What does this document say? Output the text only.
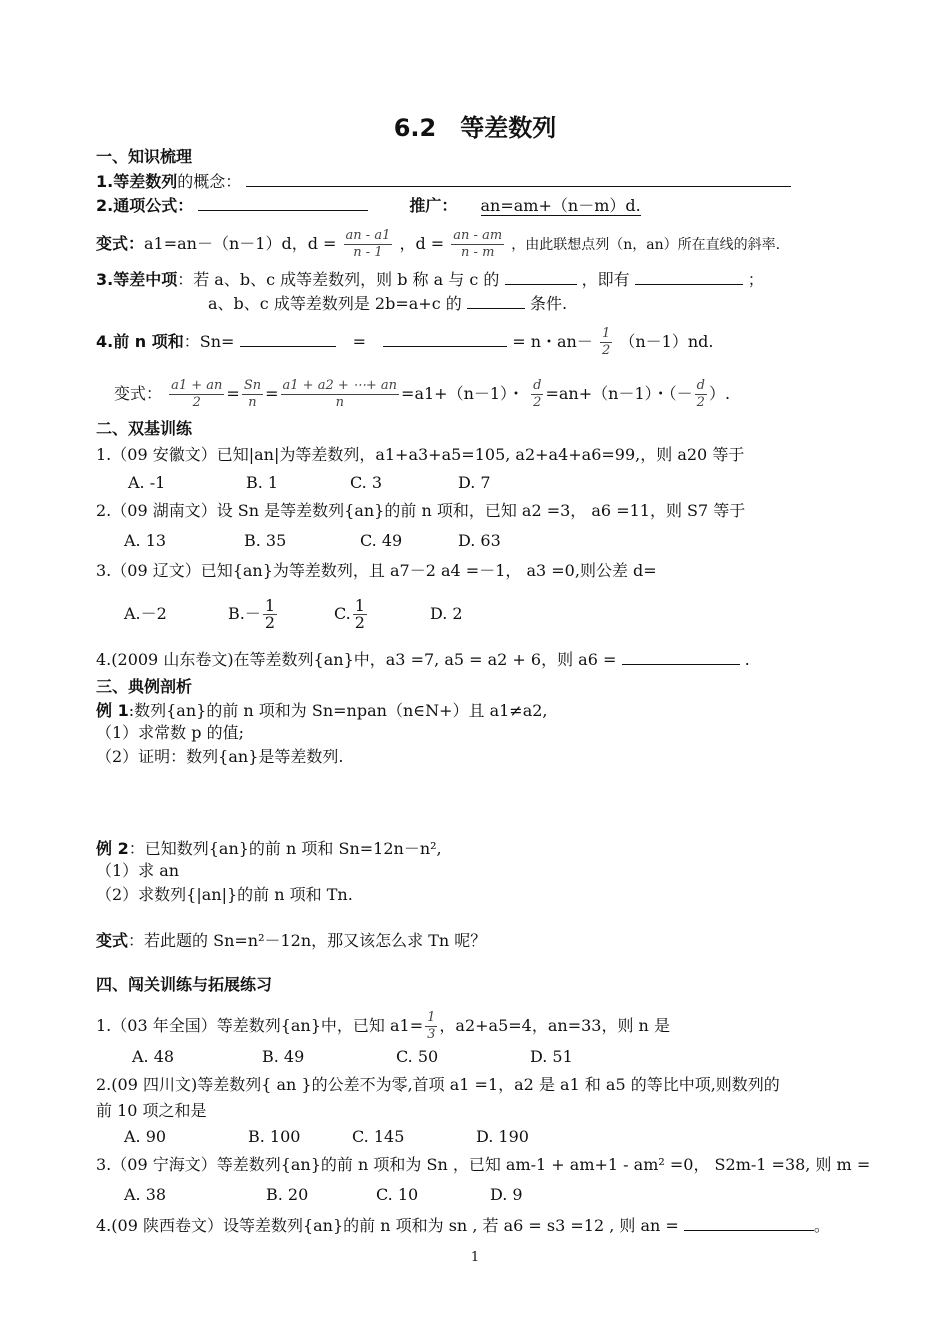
6.2　等差数列
一、知识梳理
1.等差数列的概念：
2.通项公式：	推广： an=am+（n－m）d.
变式：a1=an－（n－1）d，$d = \frac{an - a1}{n - 1}$ ，$d = \frac{an - am}{n - m}$ ，由此联想点列（n，an）所在直线的斜率.
3.等差中项：若 a、b、c 成等差数列，则 b 称 a 与 c 的	，即有	；
a、b、c 成等差数列是 2b=a+c 的	条件.
4.前 n 项和：Sn=	=	= n・$an- \frac{1}{2} (n-1)nd$.
变式： $\frac{a1 + an}{2} = \frac{Sn}{n} = \frac{a1 + a2 + \cdots+ an}{n} =a1+(n-1)$・ $\frac{d}{2} =an+(n-1)$・（－ $\frac{d}{2}$ ）.
二、双基训练
1.（09 安徽文）已知|an|为等差数列，a1+a3+a5=105, a2+a4+a6=99,，则 a20 等于
A. -1	B. 1	C. 3	D. 7
2.（09 湖南文）设 Sn 是等差数列{an}的前 n 项和，已知 a2 =3， a6 =11，则 S7 等于
A. 13	B. 35	C. 49	D. 63
3.（09 辽文）已知{an}为等差数列，且 a7－2 a4 =－1， a3 =0,则公差 d=
A.－2	$B.- \frac{1}{2}$	C. $\frac{1}{2}$	D. 2
4.(2009 山东卷文)在等差数列{an}中，a3 =7, a5 = a2 + 6，则 a6 =	.
三、典例剖析
例 1:数列{an}的前 n 项和为 Sn=npan（n∈N+）且 a1≠a2,
（1）求常数 p 的值;
（2）证明：数列{an}是等差数列.
例 2：已知数列{an}的前 n 项和 Sn=12n－n²,
（1）求 an
（2）求数列{|an|}的前 n 项和 Tn.
变式：若此题的 Sn=n²－12n，那又该怎么求 Tn 呢？
四、闯关训练与拓展练习
1.（03 年全国）等差数列{an}中，已知 $a1= \frac{1}{3}$ ，a2+a5=4，an=33，则 n 是
A. 48	B. 49	C. 50	D. 51
2.(09 四川文)等差数列{ an }的公差不为零,首项 a1 =1，a2 是 a1 和 a5 的等比中项,则数列的
前 10 项之和是
A. 90	B. 100	C. 145	D. 190
3.（09 宁海文）等差数列{an}的前 n 项和为 Sn ，已知 am-1 + am+1 - am² =0， S2m-1 =38, 则 m =
A. 38	B. 20	C. 10	D. 9
4.(09 陕西卷文）设等差数列{an}的前 n 项和为 sn , 若 a6 = s3 =12 , 则 an =	。
1
